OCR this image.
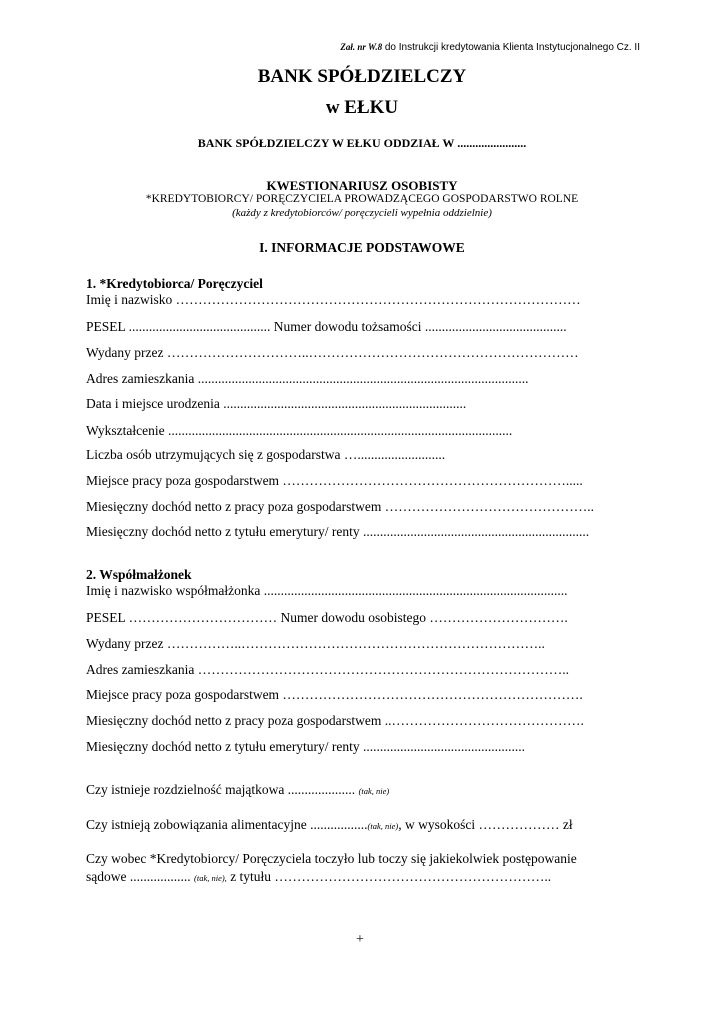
Zał. nr W.8 do Instrukcji kredytowania Klienta Instytucjonalnego Cz. II
BANK SPÓŁDZIELCZY
w EŁKU
BANK SPÓŁDZIELCZY W EŁKU ODDZIAŁ W .......................
KWESTIONARIUSZ OSOBISTY
*KREDYTOBIORCY/ PORĘCZYCIELA PROWADZĄCEGO GOSPODARSTWO ROLNE
(każdy z kredytobiorców/ poręczycieli wypełnia oddzielnie)
I. INFORMACJE PODSTAWOWE
1. *Kredytobiorca/ Poręczyciel
Imię i nazwisko ………………………………………………………………………………
PESEL .......................................... Numer dowodu tożsamości ..........................................
Wydany przez …………………………..……………………………………………………
Adres zamieszkania ..................................................................................................
Data i miejsce urodzenia ........................................................................
Wykształcenie ......................................................................................................
Liczba osób utrzymujących się z gospodarstwa …..........................
Miejsce pracy poza gospodarstwem ……………………………………………………….....
Miesięczny dochód netto z pracy poza gospodarstwem ………………………………………..
Miesięczny dochód netto z tytułu emerytury/ renty ...................................................................
2. Współmałżonek
Imię i nazwisko współmałżonka ..........................................................................................
PESEL …………………………… Numer dowodu osobistego ………………………….
Wydany przez ……………..…………………………………………………………..
Adres zamieszkania ………………………………………………………………………..
Miejsce pracy poza gospodarstwem ………………………………………………………….
Miesięczny dochód netto z pracy poza gospodarstwem ..…………………………………….
Miesięczny dochód netto z tytułu emerytury/ renty ................................................
Czy istnieje rozdzielność majątkowa .................... (tak, nie)
Czy istnieją zobowiązania alimentacyjne .................(tak, nie), w wysokości ……………… zł
Czy wobec *Kredytobiorcy/ Poręczyciela toczyło lub toczy się jakiekolwiek postępowanie
sądowe .................. (tak, nie), z tytułu ……………………………………………………..
+
